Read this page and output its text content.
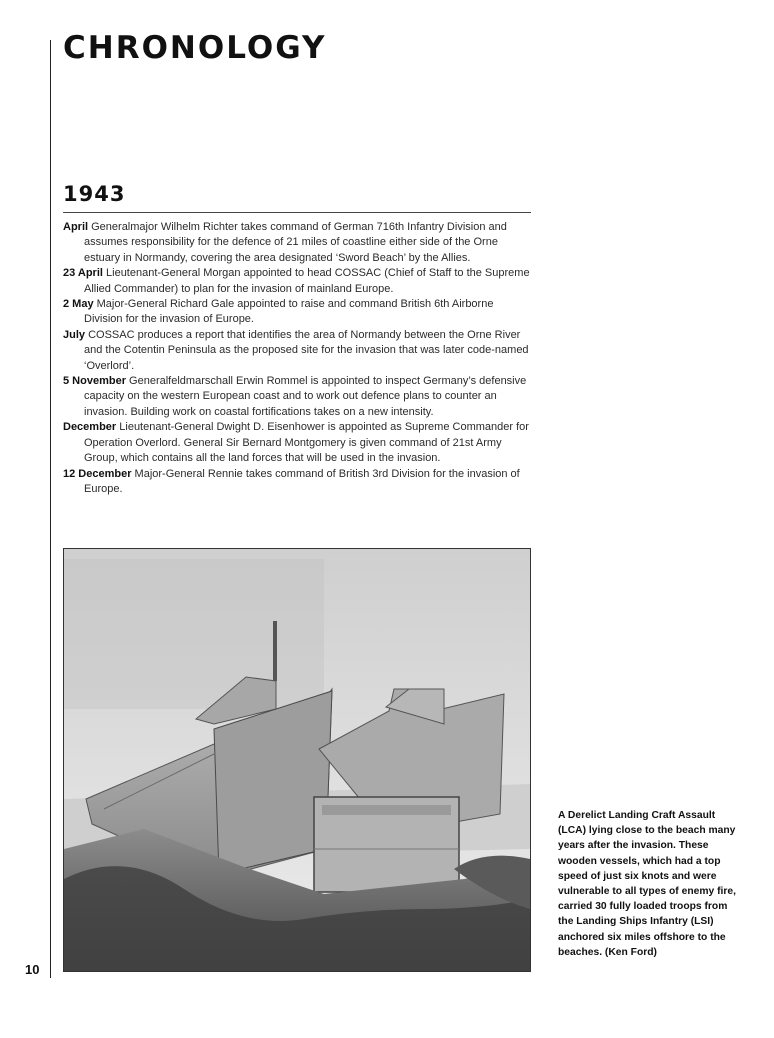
CHRONOLOGY
1943

April Generalmajor Wilhelm Richter takes command of German 716th Infantry Division and assumes responsibility for the defence of 21 miles of coastline either side of the Orne estuary in Normandy, covering the area designated ‘Sword Beach’ by the Allies.

23 April Lieutenant-General Morgan appointed to head COSSAC (Chief of Staff to the Supreme Allied Commander) to plan for the invasion of mainland Europe.

2 May Major-General Richard Gale appointed to raise and command British 6th Airborne Division for the invasion of Europe.

July COSSAC produces a report that identifies the area of Normandy between the Orne River and the Cotentin Peninsula as the proposed site for the invasion that was later code-named ‘Overlord’.

5 November Generalfeldmarschall Erwin Rommel is appointed to inspect Germany’s defensive capacity on the western European coast and to work out defence plans to counter an invasion. Building work on coastal fortifications takes on a new intensity.

December Lieutenant-General Dwight D. Eisenhower is appointed as Supreme Commander for Operation Overlord. General Sir Bernard Montgomery is given command of 21st Army Group, which contains all the land forces that will be used in the invasion.

12 December Major-General Rennie takes command of British 3rd Division for the invasion of Europe.

A Derelict Landing Craft Assault (LCA) lying close to the beach many years after the invasion. These wooden vessels, which had a top speed of just six knots and were vulnerable to all types of enemy fire, carried 30 fully loaded troops from the Landing Ships Infantry (LSI) anchored six miles offshore to the beaches. (Ken Ford)
10
